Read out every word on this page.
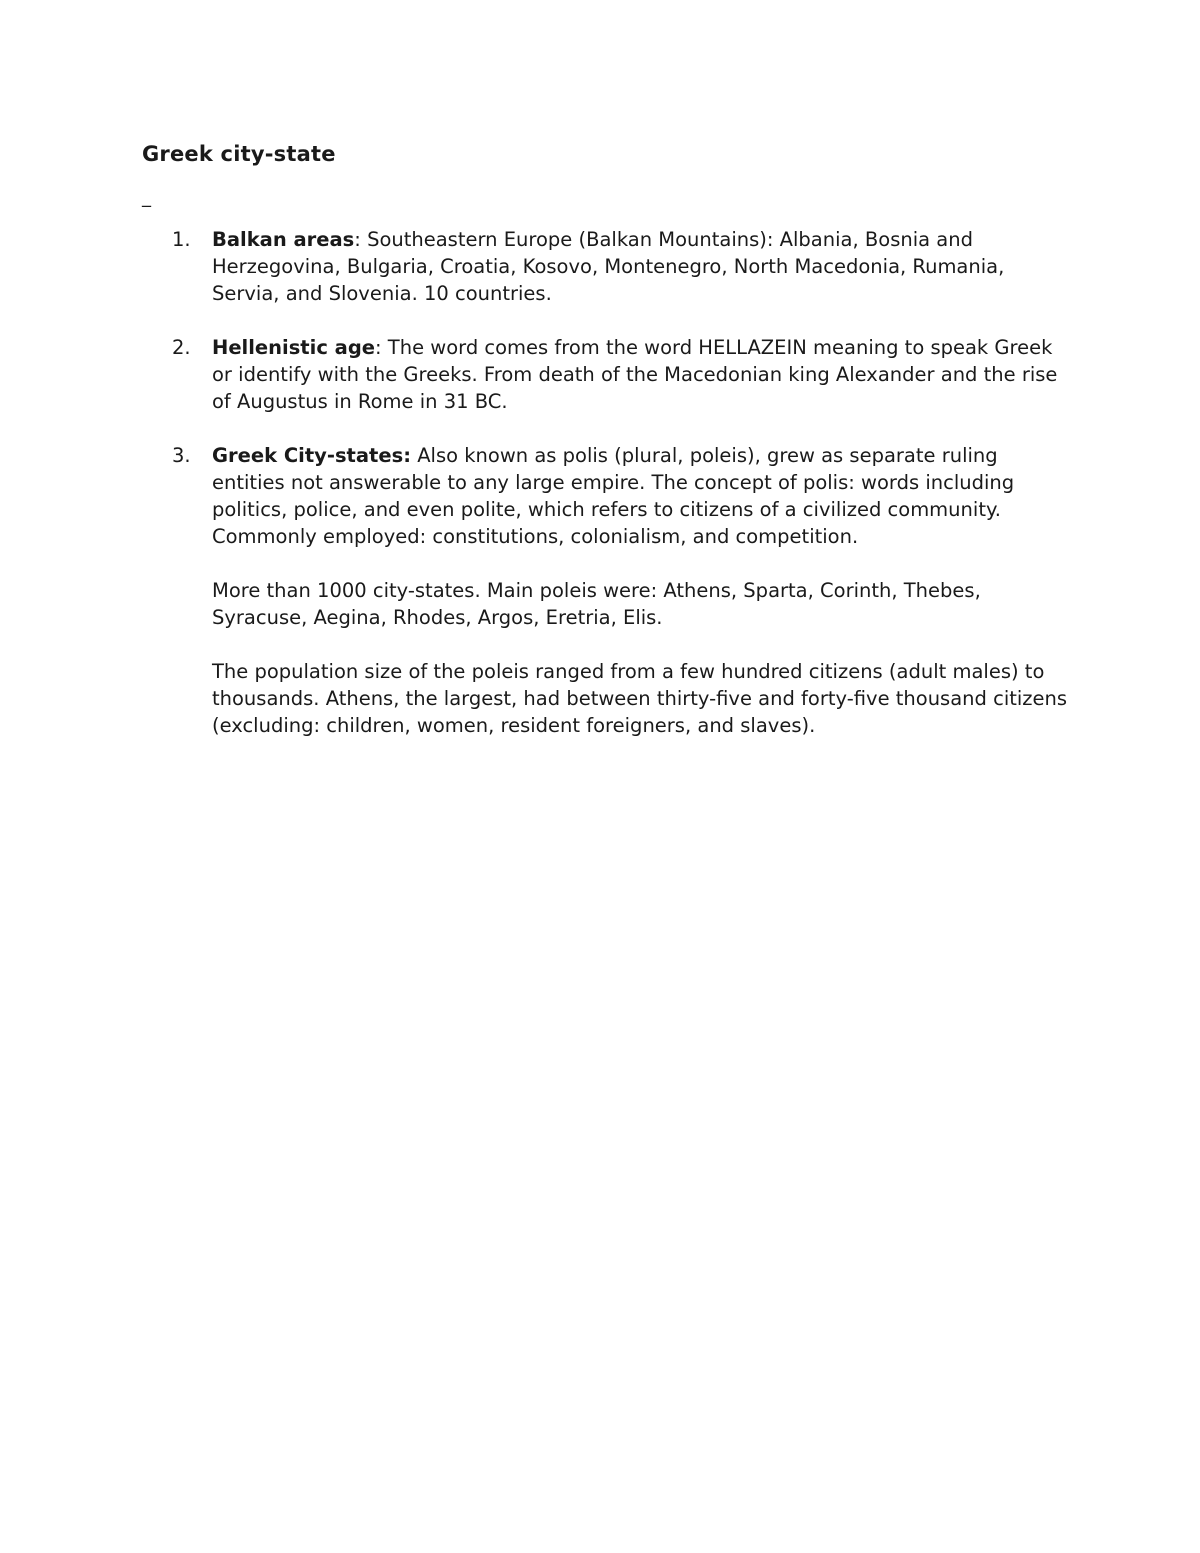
Greek city-state
_
1.	Balkan areas: Southeastern Europe (Balkan Mountains): Albania, Bosnia and Herzegovina, Bulgaria, Croatia, Kosovo, Montenegro, North Macedonia, Rumania, Servia, and Slovenia. 10 countries.

2.	Hellenistic age: The word comes from the word HELLAZEIN meaning to speak Greek or identify with the Greeks. From death of the Macedonian king Alexander and the rise of Augustus in Rome in 31 BC.

3.	Greek City-states: Also known as polis (plural, poleis), grew as separate ruling entities not answerable to any large empire. The concept of polis: words including politics, police, and even polite, which refers to citizens of a civilized community. Commonly employed: constitutions, colonialism, and competition.

More than 1000 city-states. Main poleis were: Athens, Sparta, Corinth, Thebes, Syracuse, Aegina, Rhodes, Argos, Eretria, Elis.

The population size of the poleis ranged from a few hundred citizens (adult males) to thousands. Athens, the largest, had between thirty-five and forty-five thousand citizens (excluding: children, women, resident foreigners, and slaves).
